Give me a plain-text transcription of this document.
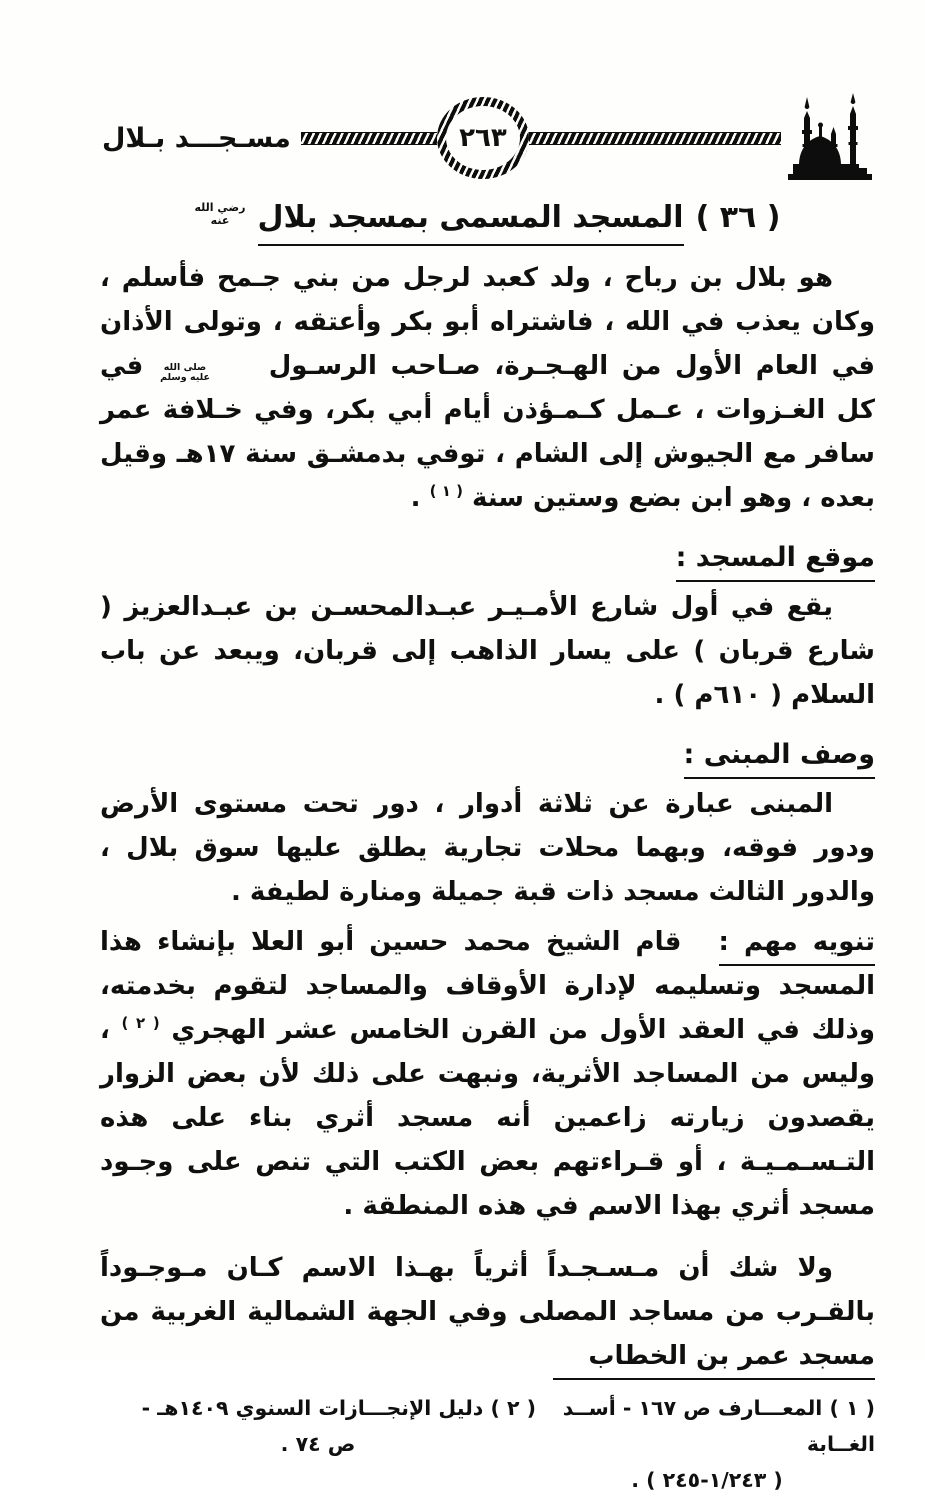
مسـجـــد بـلال	٢٦٣
( ٣٦ )
المسجد المسمى بمسجد بلال
رضي الله
عنه

هو بلال بن رباح ، ولد كعبد لرجل من بني جـمح فأسلم ، وكان يعذب في الله ، فاشتراه أبو بكر وأعتقه ، وتولى الأذان في العام الأول من الهـجـرة، صـاحب الرسـول
صلى الله
عليه وسلم
في كل الغـزوات ، عـمل كـمـؤذن أيام أبي بكر، وفي خـلافة عمر سافر مع الجيوش إلى الشام ، توفي بدمشـق سنة ١٧هـ وقيل بعده ، وهو ابن بضع وستين سنة $^{( ١ )}$ .

موقع المسجد :

يقع في أول شارع الأمـيـر عبـدالمحسـن بن عبـدالعزيز ( شارع قربان ) على يسار الذاهب إلى قربان، ويبعد عن باب السلام ( ٦١٠م ) .

وصف المبنى :

المبنى عبارة عن ثلاثة أدوار ، دور تحت مستوى الأرض ودور فوقه، وبهما محلات تجارية يطلق عليها سوق بلال ، والدور الثالث مسجد ذات قبة جميلة ومنارة لطيفة .

تنويه مهم : قام الشيخ محمد حسين أبو العلا بإنشاء هذا المسجد وتسليمه لإدارة الأوقاف والمساجد لتقوم بخدمته، وذلك في العقد الأول من القرن الخامس عشر الهجري $^{( ٢ )}$ ، وليس من المساجد الأثرية، ونبهت على ذلك لأن بعض الزوار يقصدون زيارته زاعمين أنه مسجد أثري بناء على هذه التـسـمـيـة ، أو قـراءتهم بعض الكتب التي تنص على وجـود مسجد أثري بهذا الاسم في هذه المنطقة .

ولا شك أن مـسـجـداً أثرياً بهـذا الاسم كـان مـوجـوداً بالقـرب من مساجد المصلى وفي الجهة الشمالية الغربية من مسجد عمر بن الخطاب

( ١ ) المعـــارف ص ١٦٧ - أســد الغــابة
( ١/٢٤٣-٢٤٥ ) .
( ٢ ) دليل الإنجـــازات السنوي ١٤٠٩هـ -
ص ٧٤ .
